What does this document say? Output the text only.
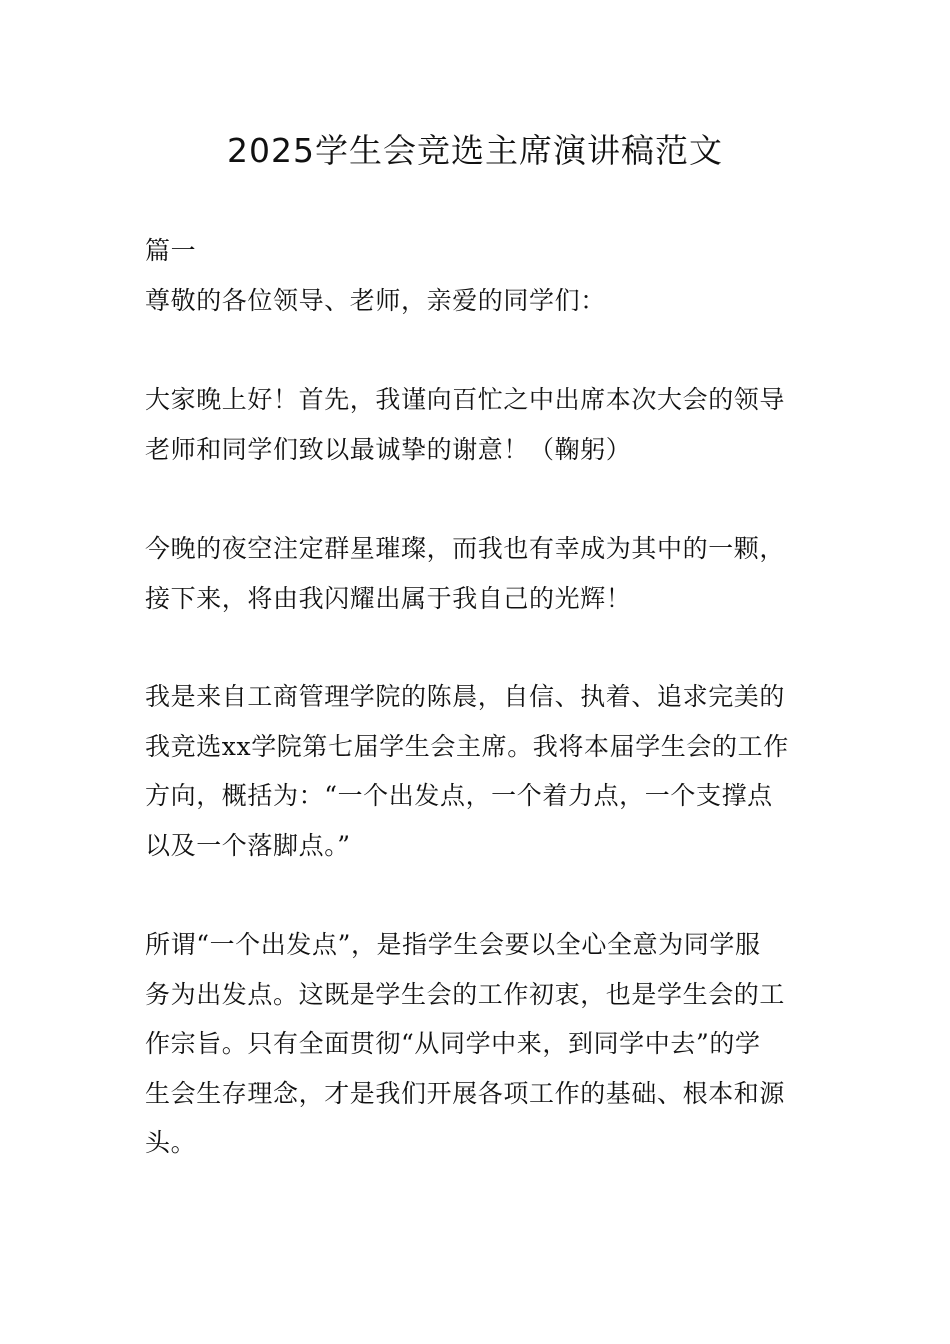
2025学生会竞选主席演讲稿范文

篇一

尊敬的各位领导、老师，亲爱的同学们：

大家晚上好！首先，我谨向百忙之中出席本次大会的领导
老师和同学们致以最诚挚的谢意！（鞠躬）

今晚的夜空注定群星璀璨，而我也有幸成为其中的一颗，
接下来，将由我闪耀出属于我自己的光辉！

我是来自工商管理学院的陈晨，自信、执着、追求完美的
我竞选xx学院第七届学生会主席。我将本届学生会的工作
方向，概括为：“一个出发点，一个着力点，一个支撑点
以及一个落脚点。”

所谓“一个出发点”，是指学生会要以全心全意为同学服
务为出发点。这既是学生会的工作初衷，也是学生会的工
作宗旨。只有全面贯彻“从同学中来，到同学中去”的学
生会生存理念，才是我们开展各项工作的基础、根本和源
头。
